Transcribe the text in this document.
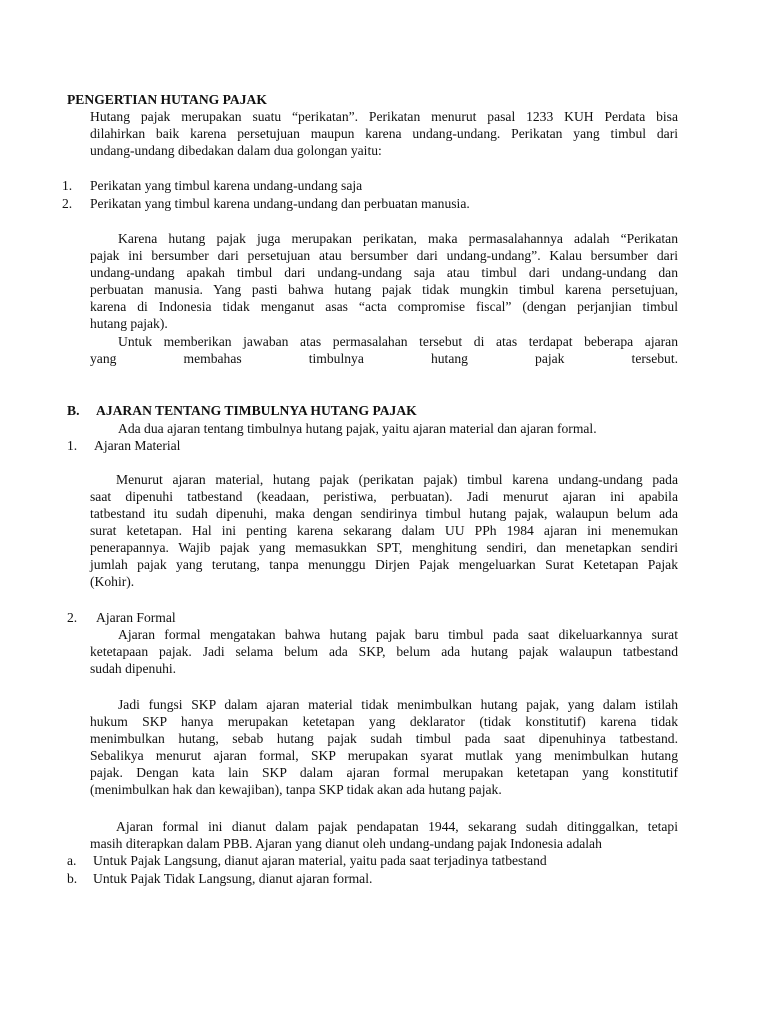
PENGERTIAN HUTANG PAJAK
Hutang pajak merupakan suatu “perikatan”. Perikatan menurut pasal 1233 KUH Perdata bisa
dilahirkan baik karena persetujuan maupun karena undang-undang. Perikatan yang timbul dari
undang-undang dibedakan dalam dua golongan yaitu:
1. Perikatan yang timbul karena undang-undang saja
2. Perikatan yang timbul karena undang-undang dan perbuatan manusia.
Karena hutang pajak juga merupakan perikatan, maka permasalahannya adalah “Perikatan
pajak ini bersumber dari persetujuan atau bersumber dari undang-undang”. Kalau bersumber dari
undang-undang apakah timbul dari undang-undang saja atau timbul dari undang-undang dan
perbuatan manusia. Yang pasti bahwa hutang pajak tidak mungkin timbul karena persetujuan,
karena di Indonesia tidak menganut asas “acta compromise fiscal” (dengan perjanjian timbul
hutang pajak).
Untuk memberikan jawaban atas permasalahan tersebut di atas terdapat beberapa ajaran
yang membahas timbulnya hutang pajak tersebut.
B. AJARAN TENTANG TIMBULNYA HUTANG PAJAK
Ada dua ajaran tentang timbulnya hutang pajak, yaitu ajaran material dan ajaran formal.
1. Ajaran Material
Menurut ajaran material, hutang pajak (perikatan pajak) timbul karena undang-undang pada
saat dipenuhi tatbestand (keadaan, peristiwa, perbuatan). Jadi menurut ajaran ini apabila
tatbestand itu sudah dipenuhi, maka dengan sendirinya timbul hutang pajak, walaupun belum ada
surat ketetapan. Hal ini penting karena sekarang dalam UU PPh 1984 ajaran ini menemukan
penerapannya. Wajib pajak yang memasukkan SPT, menghitung sendiri, dan menetapkan sendiri
jumlah pajak yang terutang, tanpa menunggu Dirjen Pajak mengeluarkan Surat Ketetapan Pajak
(Kohir).
2. Ajaran Formal
Ajaran formal mengatakan bahwa hutang pajak baru timbul pada saat dikeluarkannya surat
ketetapaan pajak. Jadi selama belum ada SKP, belum ada hutang pajak walaupun tatbestand
sudah dipenuhi.
Jadi fungsi SKP dalam ajaran material tidak menimbulkan hutang pajak, yang dalam istilah
hukum SKP hanya merupakan ketetapan yang deklarator (tidak konstitutif) karena tidak
menimbulkan hutang, sebab hutang pajak sudah timbul pada saat dipenuhinya tatbestand.
Sebalikya menurut ajaran formal, SKP merupakan syarat mutlak yang menimbulkan hutang
pajak. Dengan kata lain SKP dalam ajaran formal merupakan ketetapan yang konstitutif
(menimbulkan hak dan kewajiban), tanpa SKP tidak akan ada hutang pajak.
Ajaran formal ini dianut dalam pajak pendapatan 1944, sekarang sudah ditinggalkan, tetapi
masih diterapkan dalam PBB. Ajaran yang dianut oleh undang-undang pajak Indonesia adalah
a. Untuk Pajak Langsung, dianut ajaran material, yaitu pada saat terjadinya tatbestand
b. Untuk Pajak Tidak Langsung, dianut ajaran formal.
